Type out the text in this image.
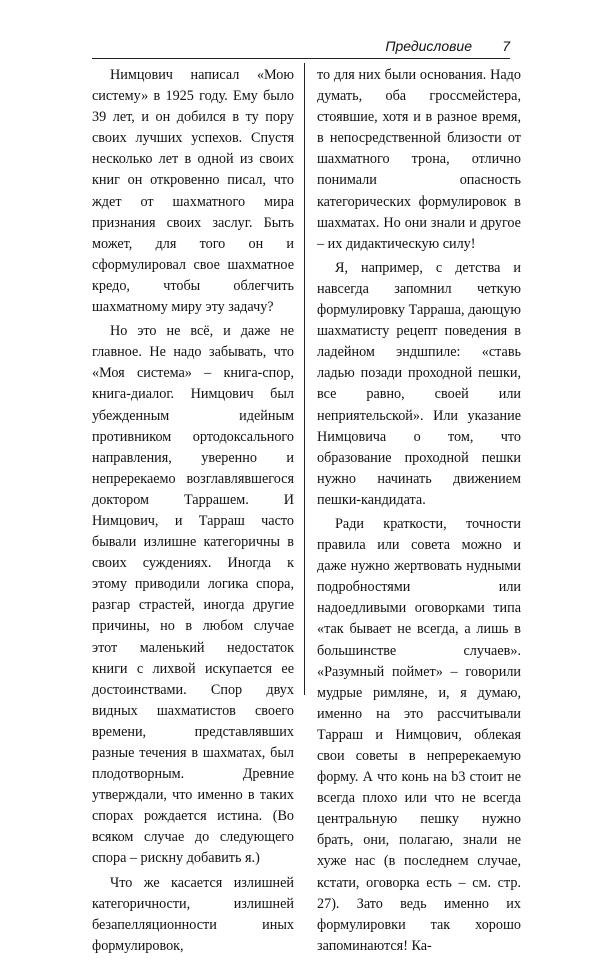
Предисловие 7

Нимцович написал «Мою систему» в 1925 году. Ему было 39 лет, и он добился в ту пору своих лучших успехов. Спустя несколько лет в одной из своих книг он откровенно писал, что ждет от шахматного мира признания своих заслуг. Быть может, для того он и сформулировал свое шахматное кредо, чтобы облегчить шахматному миру эту задачу?

Но это не всё, и даже не главное. Не надо забывать, что «Моя система» – книга-спор, книга-диалог. Нимцович был убежденным идейным противником ортодоксального направления, уверенно и непререкаемо возглавлявшегося доктором Таррашем. И Нимцович, и Тарраш часто бывали излишне категоричны в своих суждениях. Иногда к этому приводили логика спора, разгар страстей, иногда другие причины, но в любом случае этот маленький недостаток книги с лихвой искупается ее достоинствами. Спор двух видных шахматистов своего времени, представлявших разные течения в шахматах, был плодотворным. Древние утверждали, что именно в таких спорах рождается истина. (Во всяком случае до следующего спора – рискну добавить я.)

Что же касается излишней категоричности, излишней безапелляционности иных формулировок,

то для них были основания. Надо думать, оба гроссмейстера, стоявшие, хотя и в разное время, в непосредственной близости от шахматного трона, отлично понимали опасность категорических формулировок в шахматах. Но они знали и другое – их дидактическую силу!

Я, например, с детства и навсегда запомнил четкую формулировку Тарраша, дающую шахматисту рецепт поведения в ладейном эндшпиле: «ставь ладью позади проходной пешки, все равно, своей или неприятельской». Или указание Нимцовича о том, что образование проходной пешки нужно начинать движением пешки-кандидата.

Ради краткости, точности правила или совета можно и даже нужно жертвовать нудными подробностями или надоедливыми оговорками типа «так бывает не всегда, а лишь в большинстве случаев». «Разумный поймет» – говорили мудрые римляне, и, я думаю, именно на это рассчитывали Тарраш и Нимцович, облекая свои советы в непререкаемую форму. А что конь на b3 стоит не всегда плохо или что не всегда центральную пешку нужно брать, они, полагаю, знали не хуже нас (в последнем случае, кстати, оговорка есть – см. стр. 27). Зато ведь именно их формулировки так хорошо запоминаются! Ка-
